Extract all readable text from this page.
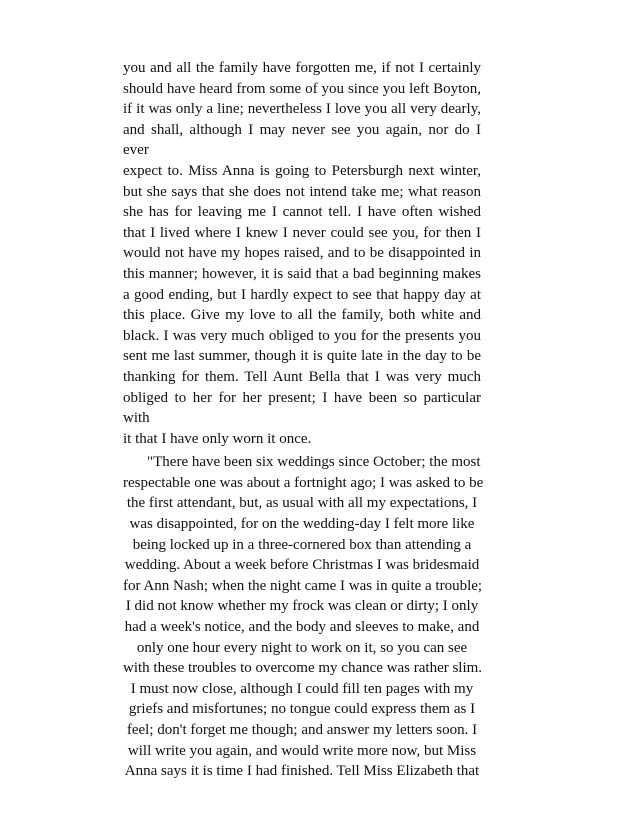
you and all the family have forgotten me, if not I certainly
should have heard from some of you since you left Boyton,
if it was only a line; nevertheless I love you all very dearly,
and shall, although I may never see you again, nor do I ever
expect to. Miss Anna is going to Petersburgh next winter,
but she says that she does not intend take me; what reason
she has for leaving me I cannot tell. I have often wished
that I lived where I knew I never could see you, for then I
would not have my hopes raised, and to be disappointed in
this manner; however, it is said that a bad beginning makes
a good ending, but I hardly expect to see that happy day at
this place. Give my love to all the family, both white and
black. I was very much obliged to you for the presents you
sent me last summer, though it is quite late in the day to be
thanking for them. Tell Aunt Bella that I was very much
obliged to her for her present; I have been so particular with
it that I have only worn it once.
"There have been six weddings since October; the most
respectable one was about a fortnight ago; I was asked to be
the first attendant, but, as usual with all my expectations, I
was disappointed, for on the wedding-day I felt more like
being locked up in a three-cornered box than attending a
wedding. About a week before Christmas I was bridesmaid
for Ann Nash; when the night came I was in quite a trouble;
I did not know whether my frock was clean or dirty; I only
had a week's notice, and the body and sleeves to make, and
only one hour every night to work on it, so you can see
with these troubles to overcome my chance was rather slim.
I must now close, although I could fill ten pages with my
griefs and misfortunes; no tongue could express them as I
feel; don't forget me though; and answer my letters soon. I
will write you again, and would write more now, but Miss
Anna says it is time I had finished. Tell Miss Elizabeth that
